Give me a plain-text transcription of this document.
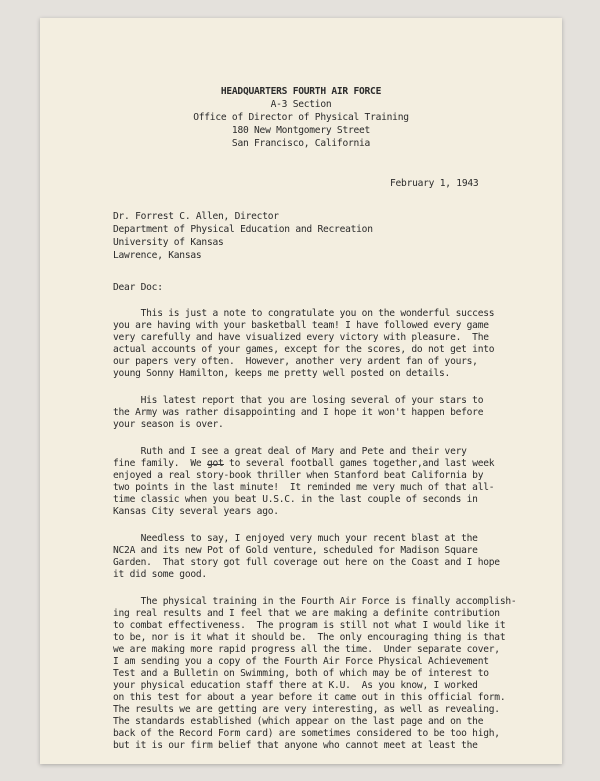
HEADQUARTERS FOURTH AIR FORCE

A-3 Section

Office of Director of Physical Training

180 New Montgomery Street

San Francisco, California

February 1, 1943

Dr. Forrest C. Allen, Director

Department of Physical Education and Recreation

University of Kansas

Lawrence, Kansas

Dear Doc:

This is just a note to congratulate you on the wonderful success

you are having with your basketball team! I have followed every game

very carefully and have visualized every victory with pleasure.  The

actual accounts of your games, except for the scores, do not get into

our papers very often.  However, another very ardent fan of yours,

young Sonny Hamilton, keeps me pretty well posted on details.

His latest report that you are losing several of your stars to

the Army was rather disappointing and I hope it won't happen before

your season is over.

Ruth and I see a great deal of Mary and Pete and their very

fine family.  We got to several football games together,and last week

enjoyed a real story-book thriller when Stanford beat California by

two points in the last minute!  It reminded me very much of that all-

time classic when you beat U.S.C. in the last couple of seconds in

Kansas City several years ago.

Needless to say, I enjoyed very much your recent blast at the

NC2A and its new Pot of Gold venture, scheduled for Madison Square

Garden.  That story got full coverage out here on the Coast and I hope

it did some good.

The physical training in the Fourth Air Force is finally accomplish-

ing real results and I feel that we are making a definite contribution

to combat effectiveness.  The program is still not what I would like it

to be, nor is it what it should be.  The only encouraging thing is that

we are making more rapid progress all the time.  Under separate cover,

I am sending you a copy of the Fourth Air Force Physical Achievement

Test and a Bulletin on Swimming, both of which may be of interest to

your physical education staff there at K.U.  As you know, I worked

on this test for about a year before it came out in this official form.

The results we are getting are very interesting, as well as revealing.

The standards established (which appear on the last page and on the

back of the Record Form card) are sometimes considered to be too high,

but it is our firm belief that anyone who cannot meet at least the
